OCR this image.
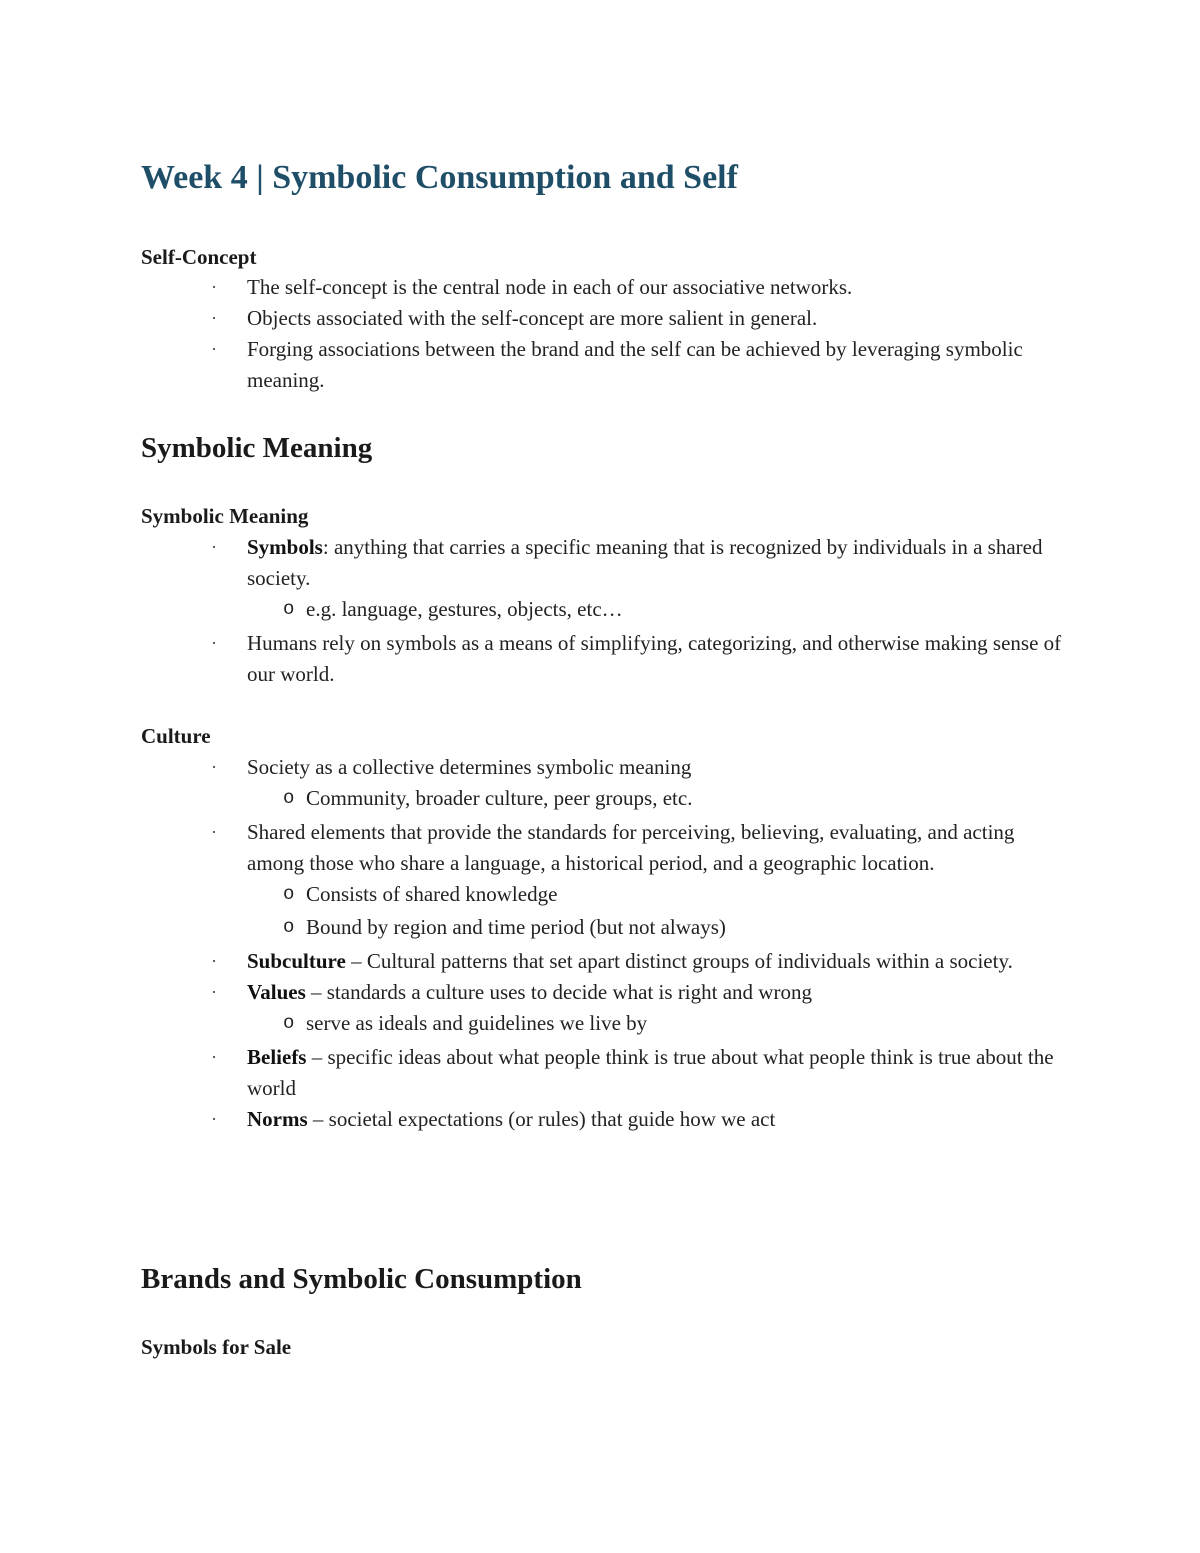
Week 4 | Symbolic Consumption and Self
Self-Concept
· The self-concept is the central node in each of our associative networks.
· Objects associated with the self-concept are more salient in general.
· Forging associations between the brand and the self can be achieved by leveraging symbolic meaning.
Symbolic Meaning
Symbolic Meaning
· Symbols: anything that carries a specific meaning that is recognized by individuals in a shared society.
o e.g. language, gestures, objects, etc…
· Humans rely on symbols as a means of simplifying, categorizing, and otherwise making sense of our world.
Culture
· Society as a collective determines symbolic meaning
o Community, broader culture, peer groups, etc.
· Shared elements that provide the standards for perceiving, believing, evaluating, and acting among those who share a language, a historical period, and a geographic location.
o Consists of shared knowledge
o Bound by region and time period (but not always)
· Subculture – Cultural patterns that set apart distinct groups of individuals within a society.
· Values – standards a culture uses to decide what is right and wrong
o serve as ideals and guidelines we live by
· Beliefs – specific ideas about what people think is true about what people think is true about the world
· Norms – societal expectations (or rules) that guide how we act
Brands and Symbolic Consumption
Symbols for Sale
